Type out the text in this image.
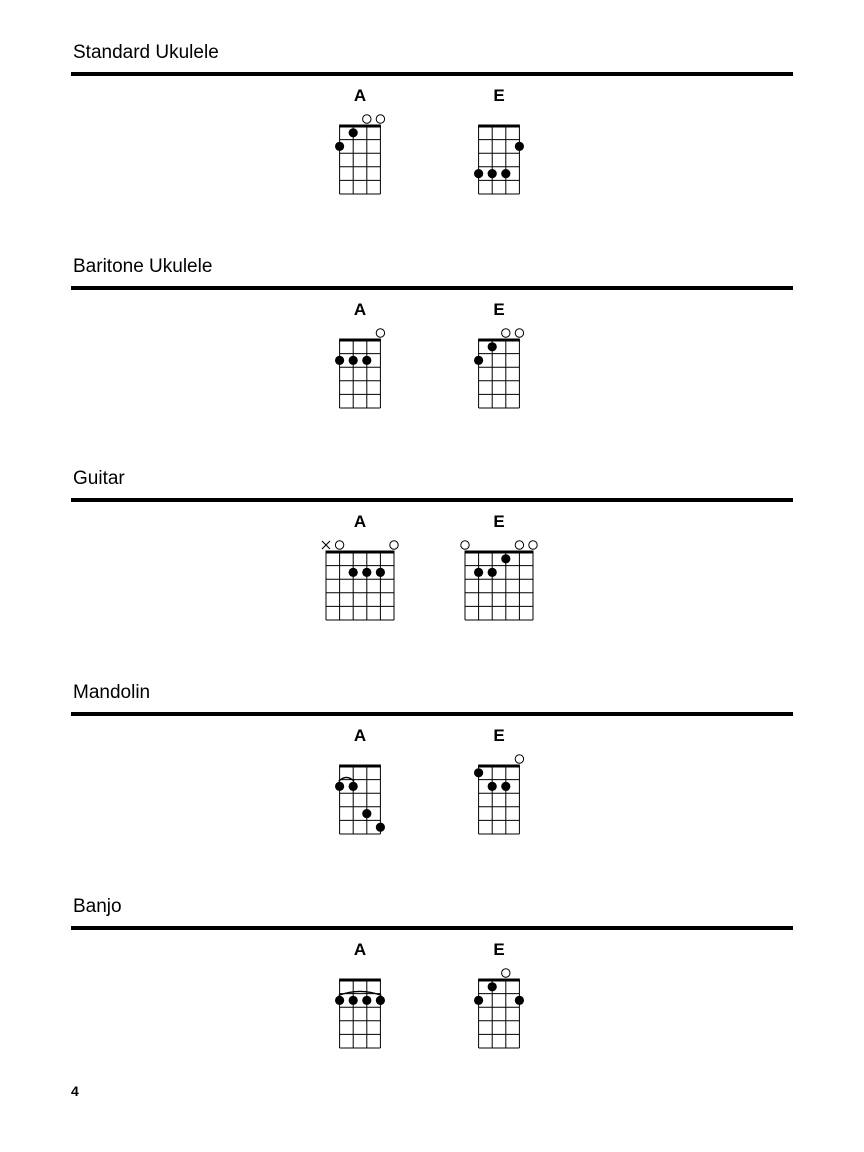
Standard Ukulele
A	E
Baritone Ukulele
A	E
Guitar
A	E
Mandolin
A	E
Banjo
A	E
4
